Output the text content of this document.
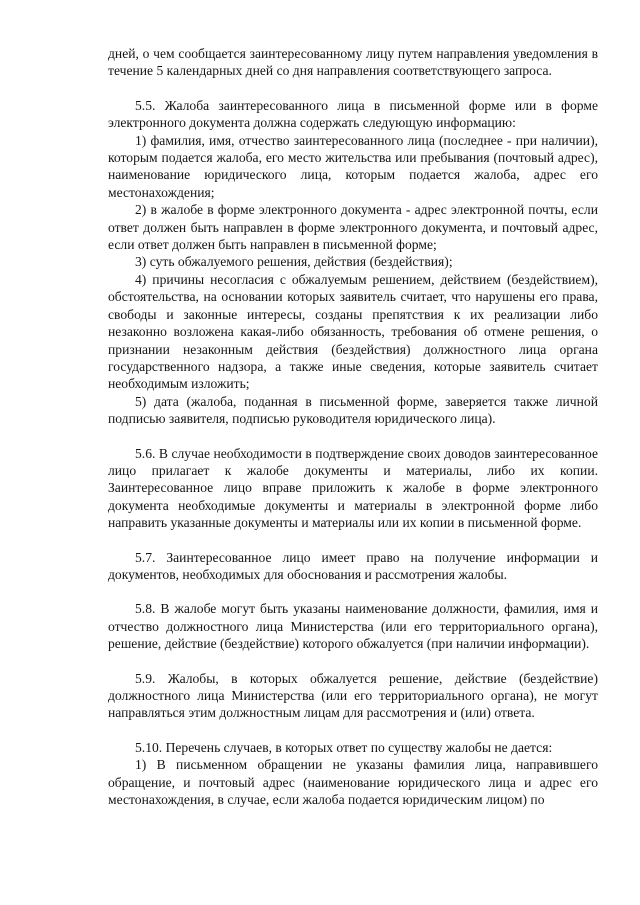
дней, о чем сообщается заинтересованному лицу путем направления уведомления в течение 5 календарных дней со дня направления соответствующего запроса.

5.5. Жалоба заинтересованного лица в письменной форме или в форме электронного документа должна содержать следующую информацию:

1) фамилия, имя, отчество заинтересованного лица (последнее - при наличии), которым подается жалоба, его место жительства или пребывания (почтовый адрес), наименование юридического лица, которым подается жалоба, адрес его местонахождения;

2) в жалобе в форме электронного документа - адрес электронной почты, если ответ должен быть направлен в форме электронного документа, и почтовый адрес, если ответ должен быть направлен в письменной форме;

3) суть обжалуемого решения, действия (бездействия);

4) причины несогласия с обжалуемым решением, действием (бездействием), обстоятельства, на основании которых заявитель считает, что нарушены его права, свободы и законные интересы, созданы препятствия к их реализации либо незаконно возложена какая-либо обязанность, требования об отмене решения, о признании незаконным действия (бездействия) должностного лица органа государственного надзора, а также иные сведения, которые заявитель считает необходимым изложить;

5) дата (жалоба, поданная в письменной форме, заверяется также личной подписью заявителя, подписью руководителя юридического лица).

5.6. В случае необходимости в подтверждение своих доводов заинтересованное лицо прилагает к жалобе документы и материалы, либо их копии. Заинтересованное лицо вправе приложить к жалобе в форме электронного документа необходимые документы и материалы в электронной форме либо направить указанные документы и материалы или их копии в письменной форме.

5.7. Заинтересованное лицо имеет право на получение информации и документов, необходимых для обоснования и рассмотрения жалобы.

5.8. В жалобе могут быть указаны наименование должности, фамилия, имя и отчество должностного лица Министерства (или его территориального органа), решение, действие (бездействие) которого обжалуется (при наличии информации).

5.9. Жалобы, в которых обжалуется решение, действие (бездействие) должностного лица Министерства (или его территориального органа), не могут направляться этим должностным лицам для рассмотрения и (или) ответа.

5.10. Перечень случаев, в которых ответ по существу жалобы не дается:

1) В письменном обращении не указаны фамилия лица, направившего обращение, и почтовый адрес (наименование юридического лица и адрес его местонахождения, в случае, если жалоба подается юридическим лицом) по
